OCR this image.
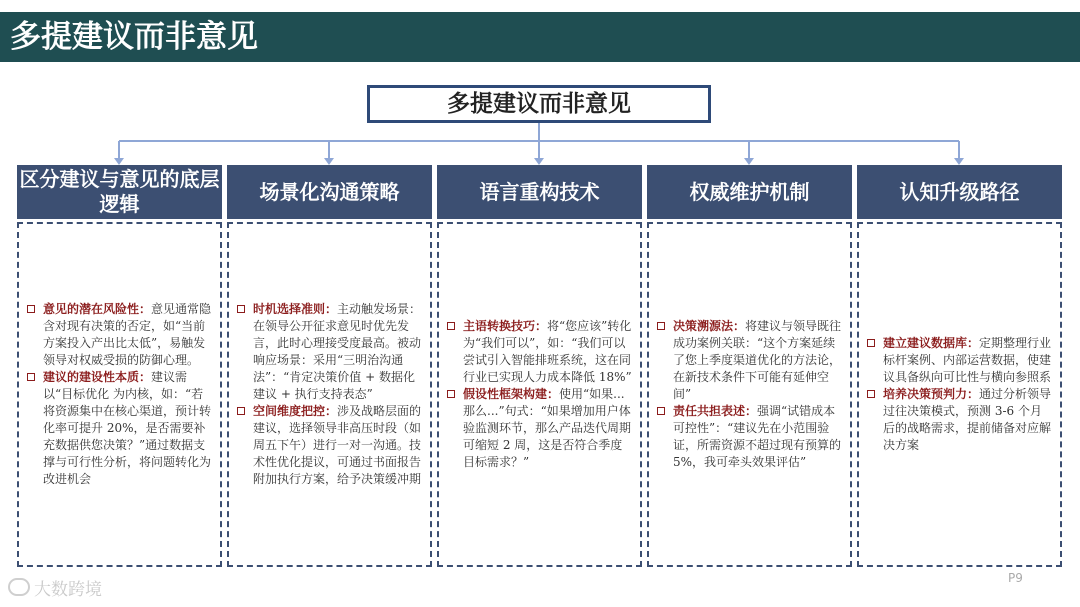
多提建议而非意见
多提建议而非意见
区分建议与意见的底层逻辑
意见的潜在风险性：意见通常隐含对现有决策的否定，如“当前方案投入产出比太低”，易触发领导对权威受损的防御心理。
建议的建设性本质：建议需以“目标优化 为内核，如：“若将资源集中在核心渠道，预计转化率可提升 20%，是否需要补充数据供您决策？”通过数据支撑与可行性分析，将问题转化为改进机会
场景化沟通策略
时机选择准则：主动触发场景：在领导公开征求意见时优先发言，此时心理接受度最高。被动响应场景：采用“三明治沟通法”：“肯定决策价值 + 数据化建议 + 执行支持表态”
空间维度把控：涉及战略层面的建议，选择领导非高压时段（如周五下午）进行一对一沟通。技术性优化提议，可通过书面报告附加执行方案，给予决策缓冲期
语言重构技术
主语转换技巧：将“您应该”转化为“我们可以”，如：“我们可以尝试引入智能排班系统，这在同行业已实现人力成本降低 18%”
假设性框架构建：使用“如果... 那么...”句式：“如果增加用户体验监测环节，那么产品迭代周期可缩短 2 周，这是否符合季度目标需求？”
权威维护机制
决策溯源法：将建议与领导既往成功案例关联：“这个方案延续了您上季度渠道优化的方法论，在新技术条件下可能有延伸空间”
责任共担表述：强调“试错成本可控性”：“建议先在小范围验证，所需资源不超过现有预算的 5%，我可牵头效果评估”
认知升级路径
建立建议数据库：定期整理行业标杆案例、内部运营数据，使建议具备纵向可比性与横向参照系
培养决策预判力：通过分析领导过往决策模式，预测 3-6 个月后的战略需求，提前储备对应解决方案
大数跨境
P9
